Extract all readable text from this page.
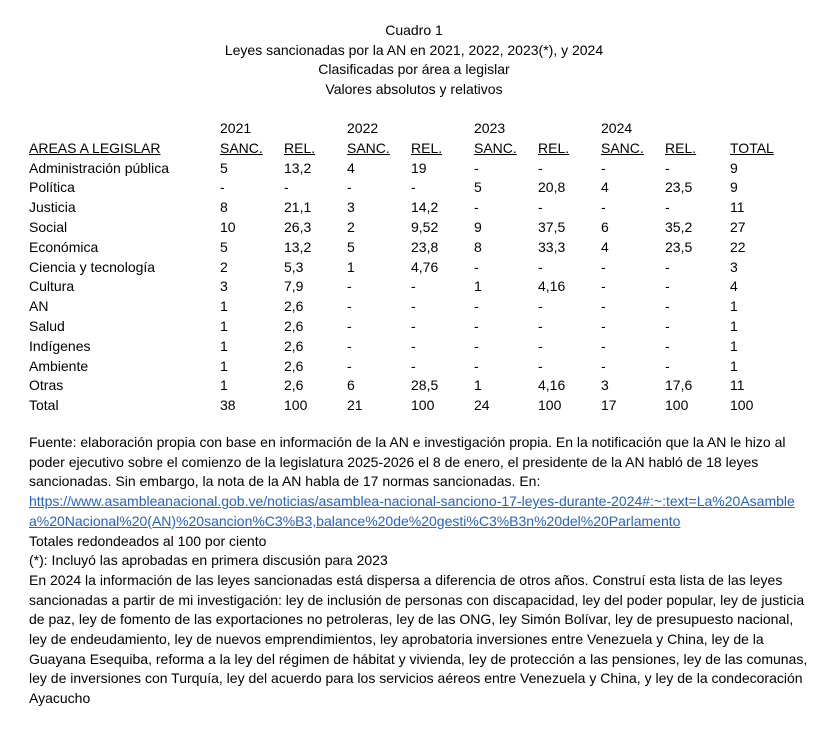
Cuadro 1
Leyes sancionadas por la AN en 2021, 2022, 2023(*), y 2024
Clasificadas por área a legislar
Valores absolutos y relativos
2021	2022	2023	2024
AREAS A LEGISLAR	SANC. REL. SANC. REL. SANC. REL. SANC. REL. TOTAL
Administración pública	5	13,2	4	19	-	-	-	-	9
Política	-	-	-	-	5	20,8	4	23,5	9
Justicia	8	21,1	3	14,2	-	-	-	-	11
Social	10	26,3	2	9,52	9	37,5	6	35,2	27
Económica	5	13,2	5	23,8	8	33,3	4	23,5	22
Ciencia y tecnología	2	5,3	1	4,76	-	-	-	-	3
Cultura	3	7,9	-	-	1	4,16	-	-	4
AN	1	2,6	-	-	-	-	-	-	1
Salud	1	2,6	-	-	-	-	-	-	1
Indígenes	1	2,6	-	-	-	-	-	-	1
Ambiente	1	2,6	-	-	-	-	-	-	1
Otras	1	2,6	6	28,5	1	4,16	3	17,6	11
Total	38	100	21	100	24	100	17	100	100

Fuente: elaboración propia con base en información de la AN e investigación propia. En la notificación que la AN le hizo al poder ejecutivo sobre el comienzo de la legislatura 2025-2026 el 8 de enero, el presidente de la AN habló de 18 leyes sancionadas. Sin embargo, la nota de la AN habla de 17 normas sancionadas. En:

https://www.asambleanacional.gob.ve/noticias/asamblea-nacional-sanciono-17-leyes-durante-2024#:~:text=La%20Asamblea%20Nacional%20(AN)%20sancion%C3%B3,balance%20de%20gesti%C3%B3n%20del%20Parlamento

Totales redondeados al 100 por ciento

(*): Incluyó las aprobadas en primera discusión para 2023

En 2024 la información de las leyes sancionadas está dispersa a diferencia de otros años. Construí esta lista de las leyes sancionadas a partir de mi investigación: ley de inclusión de personas con discapacidad, ley del poder popular, ley de justicia de paz, ley de fomento de las exportaciones no petroleras, ley de las ONG, ley Simón Bolívar, ley de presupuesto nacional, ley de endeudamiento, ley de nuevos emprendimientos, ley aprobatoria inversiones entre Venezuela y China, ley de la Guayana Esequiba, reforma a la ley del régimen de hábitat y vivienda, ley de protección a las pensiones, ley de las comunas, ley de inversiones con Turquía, ley del acuerdo para los servicios aéreos entre Venezuela y China, y ley de la condecoración Ayacucho
